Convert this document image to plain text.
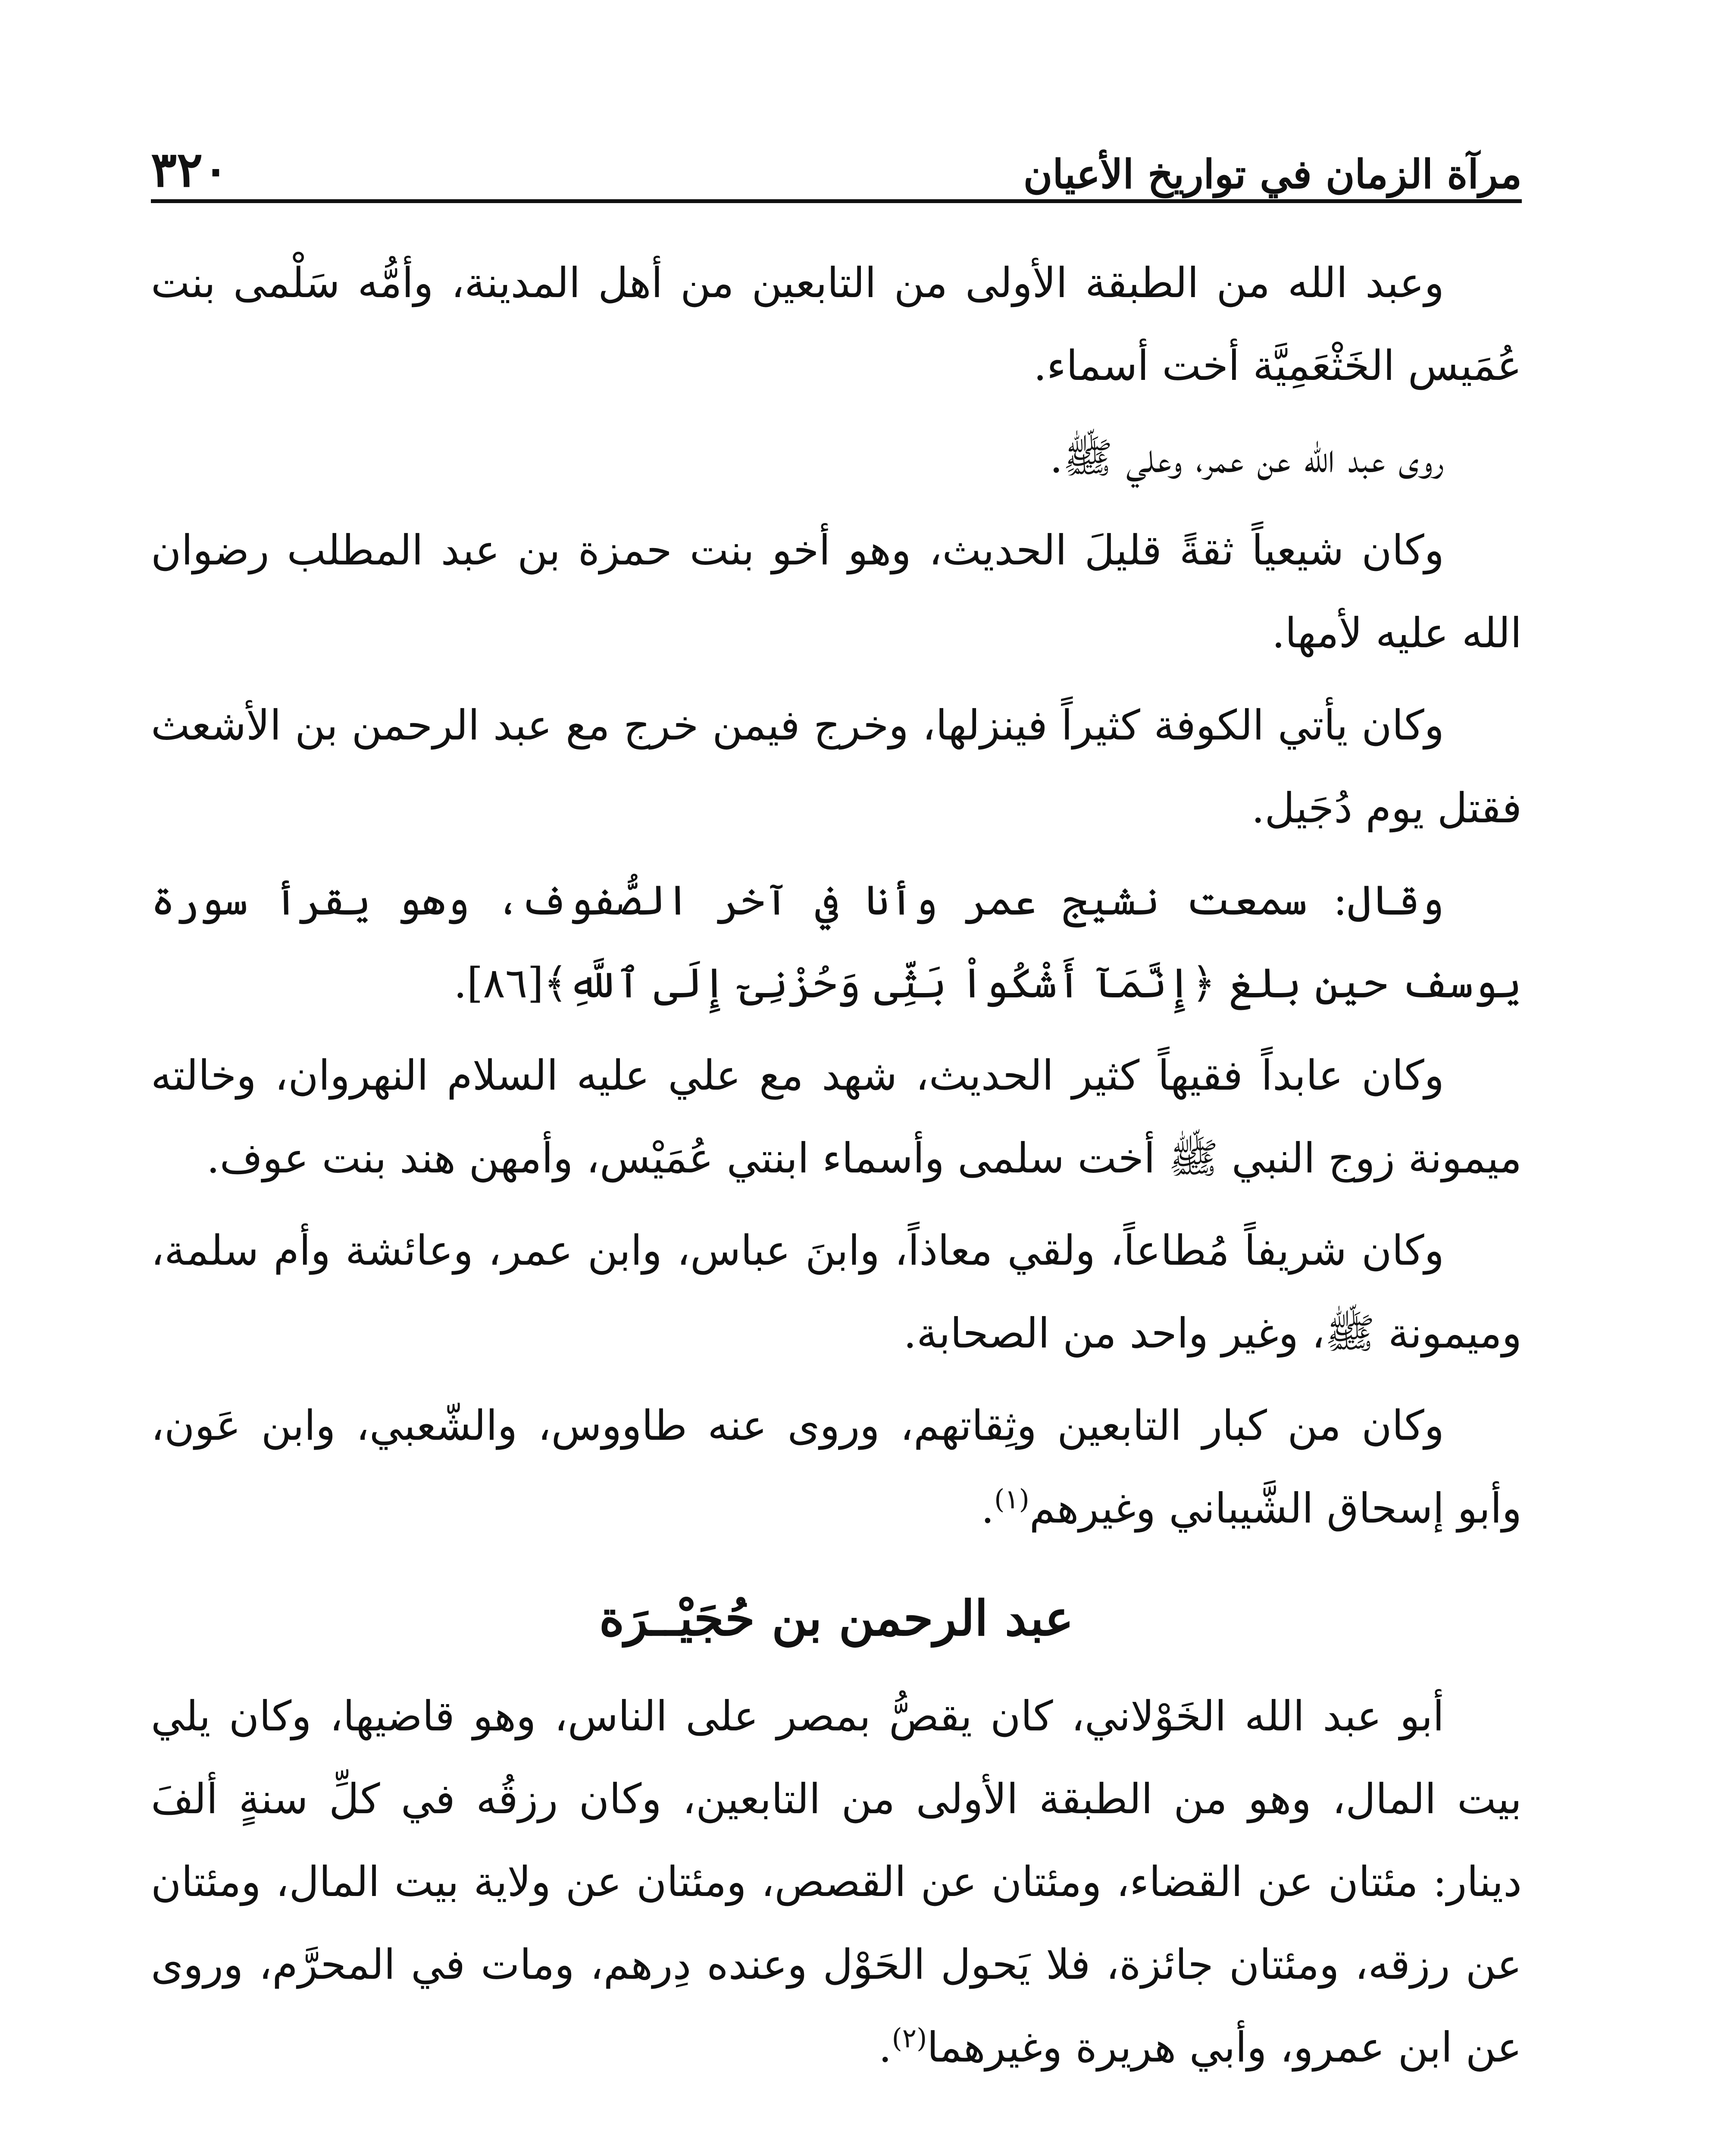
مرآة الزمان في تواريخ الأعيان
٣٢٠

وعبد الله من الطبقة الأولى من التابعين من أهل المدينة، وأمُّه سَلْمى بنت عُمَيس الخَثْعَمِيَّة أخت أسماء.

روى عبد الله عن عمر، وعلي ﷺ.

وكان شيعياً ثقةً قليلَ الحديث، وهو أخو بنت حمزة بن عبد المطلب رضوان الله عليه لأمها.

وكان يأتي الكوفة كثيراً فينزلها، وخرج فيمن خرج مع عبد الرحمن بن الأشعث فقتل يوم دُجَيل.

وقال: سمعت نشيج عمر وأنا في آخر الصُّفوف، وهو يقرأ سورة يوسف حين بلغ ﴿إِنَّمَآ أَشْكُواْ بَثِّى وَحُزْنِىٓ إِلَى ٱللَّهِ﴾[٨٦].

وكان عابداً فقيهاً كثير الحديث، شهد مع علي عليه السلام النهروان، وخالته ميمونة زوج النبي ﷺ أخت سلمى وأسماء ابنتي عُمَيْس، وأمهن هند بنت عوف.

وكان شريفاً مُطاعاً، ولقي معاذاً، وابنَ عباس، وابن عمر، وعائشة وأم سلمة، وميمونة ﷺ، وغير واحد من الصحابة.

وكان من كبار التابعين وثِقاتهم، وروى عنه طاووس، والشّعبي، وابن عَون، وأبو إسحاق الشَّيباني وغيرهم$^{(١)}$.

عبد الرحمن بن حُجَيْــرَة

أبو عبد الله الخَوْلاني، كان يقصُّ بمصر على الناس، وهو قاضيها، وكان يلي بيت المال، وهو من الطبقة الأولى من التابعين، وكان رزقُه في كلِّ سنةٍ ألفَ دينار: مئتان عن القضاء، ومئتان عن القصص، ومئتان عن ولاية بيت المال، ومئتان عن رزقه، ومئتان جائزة، فلا يَحول الحَوْل وعنده دِرهم، ومات في المحرَّم، وروى عن ابن عمرو، وأبي هريرة وغيرهما$^{(٢)}$.
